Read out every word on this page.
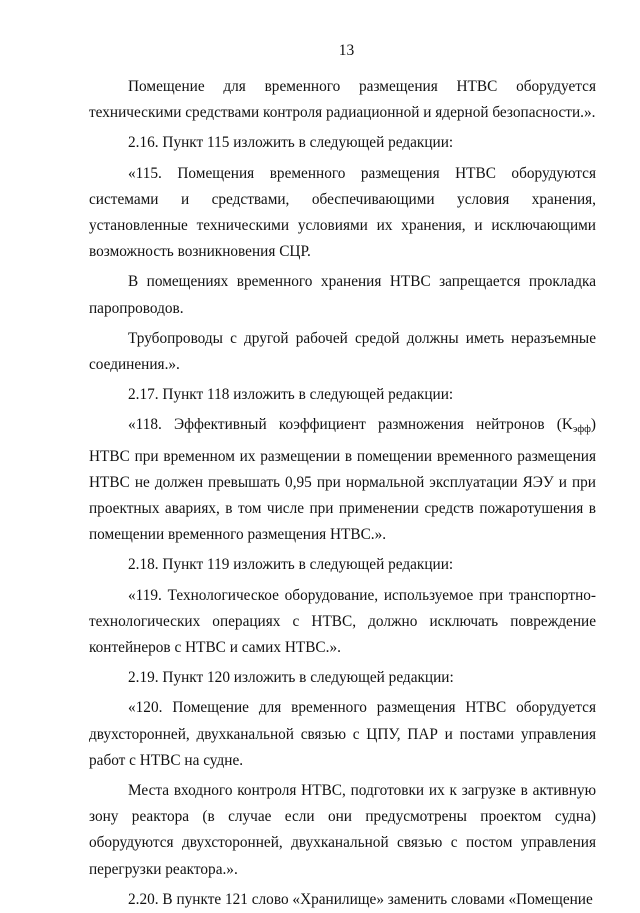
13

Помещение для временного размещения НТВС оборудуется техническими средствами контроля радиационной и ядерной безопасности.».

2.16. Пункт 115 изложить в следующей редакции:

«115. Помещения временного размещения НТВС оборудуются системами и средствами, обеспечивающими условия хранения, установленные техническими условиями их хранения, и исключающими возможность возникновения СЦР.

В помещениях временного хранения НТВС запрещается прокладка паропроводов.

Трубопроводы с другой рабочей средой должны иметь неразъемные соединения.».

2.17. Пункт 118 изложить в следующей редакции:

«118. Эффективный коэффициент размножения нейтронов $(K_{эфф})$ НТВС при временном их размещении в помещении временного размещения НТВС не должен превышать 0,95 при нормальной эксплуатации ЯЭУ и при проектных авариях, в том числе при применении средств пожаротушения в помещении временного размещения НТВС.».

2.18. Пункт 119 изложить в следующей редакции:

«119. Технологическое оборудование, используемое при транспортно-технологических операциях с НТВС, должно исключать повреждение контейнеров с НТВС и самих НТВС.».

2.19. Пункт 120 изложить в следующей редакции:

«120. Помещение для временного размещения НТВС оборудуется двухсторонней, двухканальной связью с ЦПУ, ПАР и постами управления работ с НТВС на судне.

Места входного контроля НТВС, подготовки их к загрузке в активную зону реактора (в случае если они предусмотрены проектом судна) оборудуются двухсторонней, двухканальной связью с постом управления перегрузки реактора.».

2.20. В пункте 121 слово «Хранилище» заменить словами «Помещение
